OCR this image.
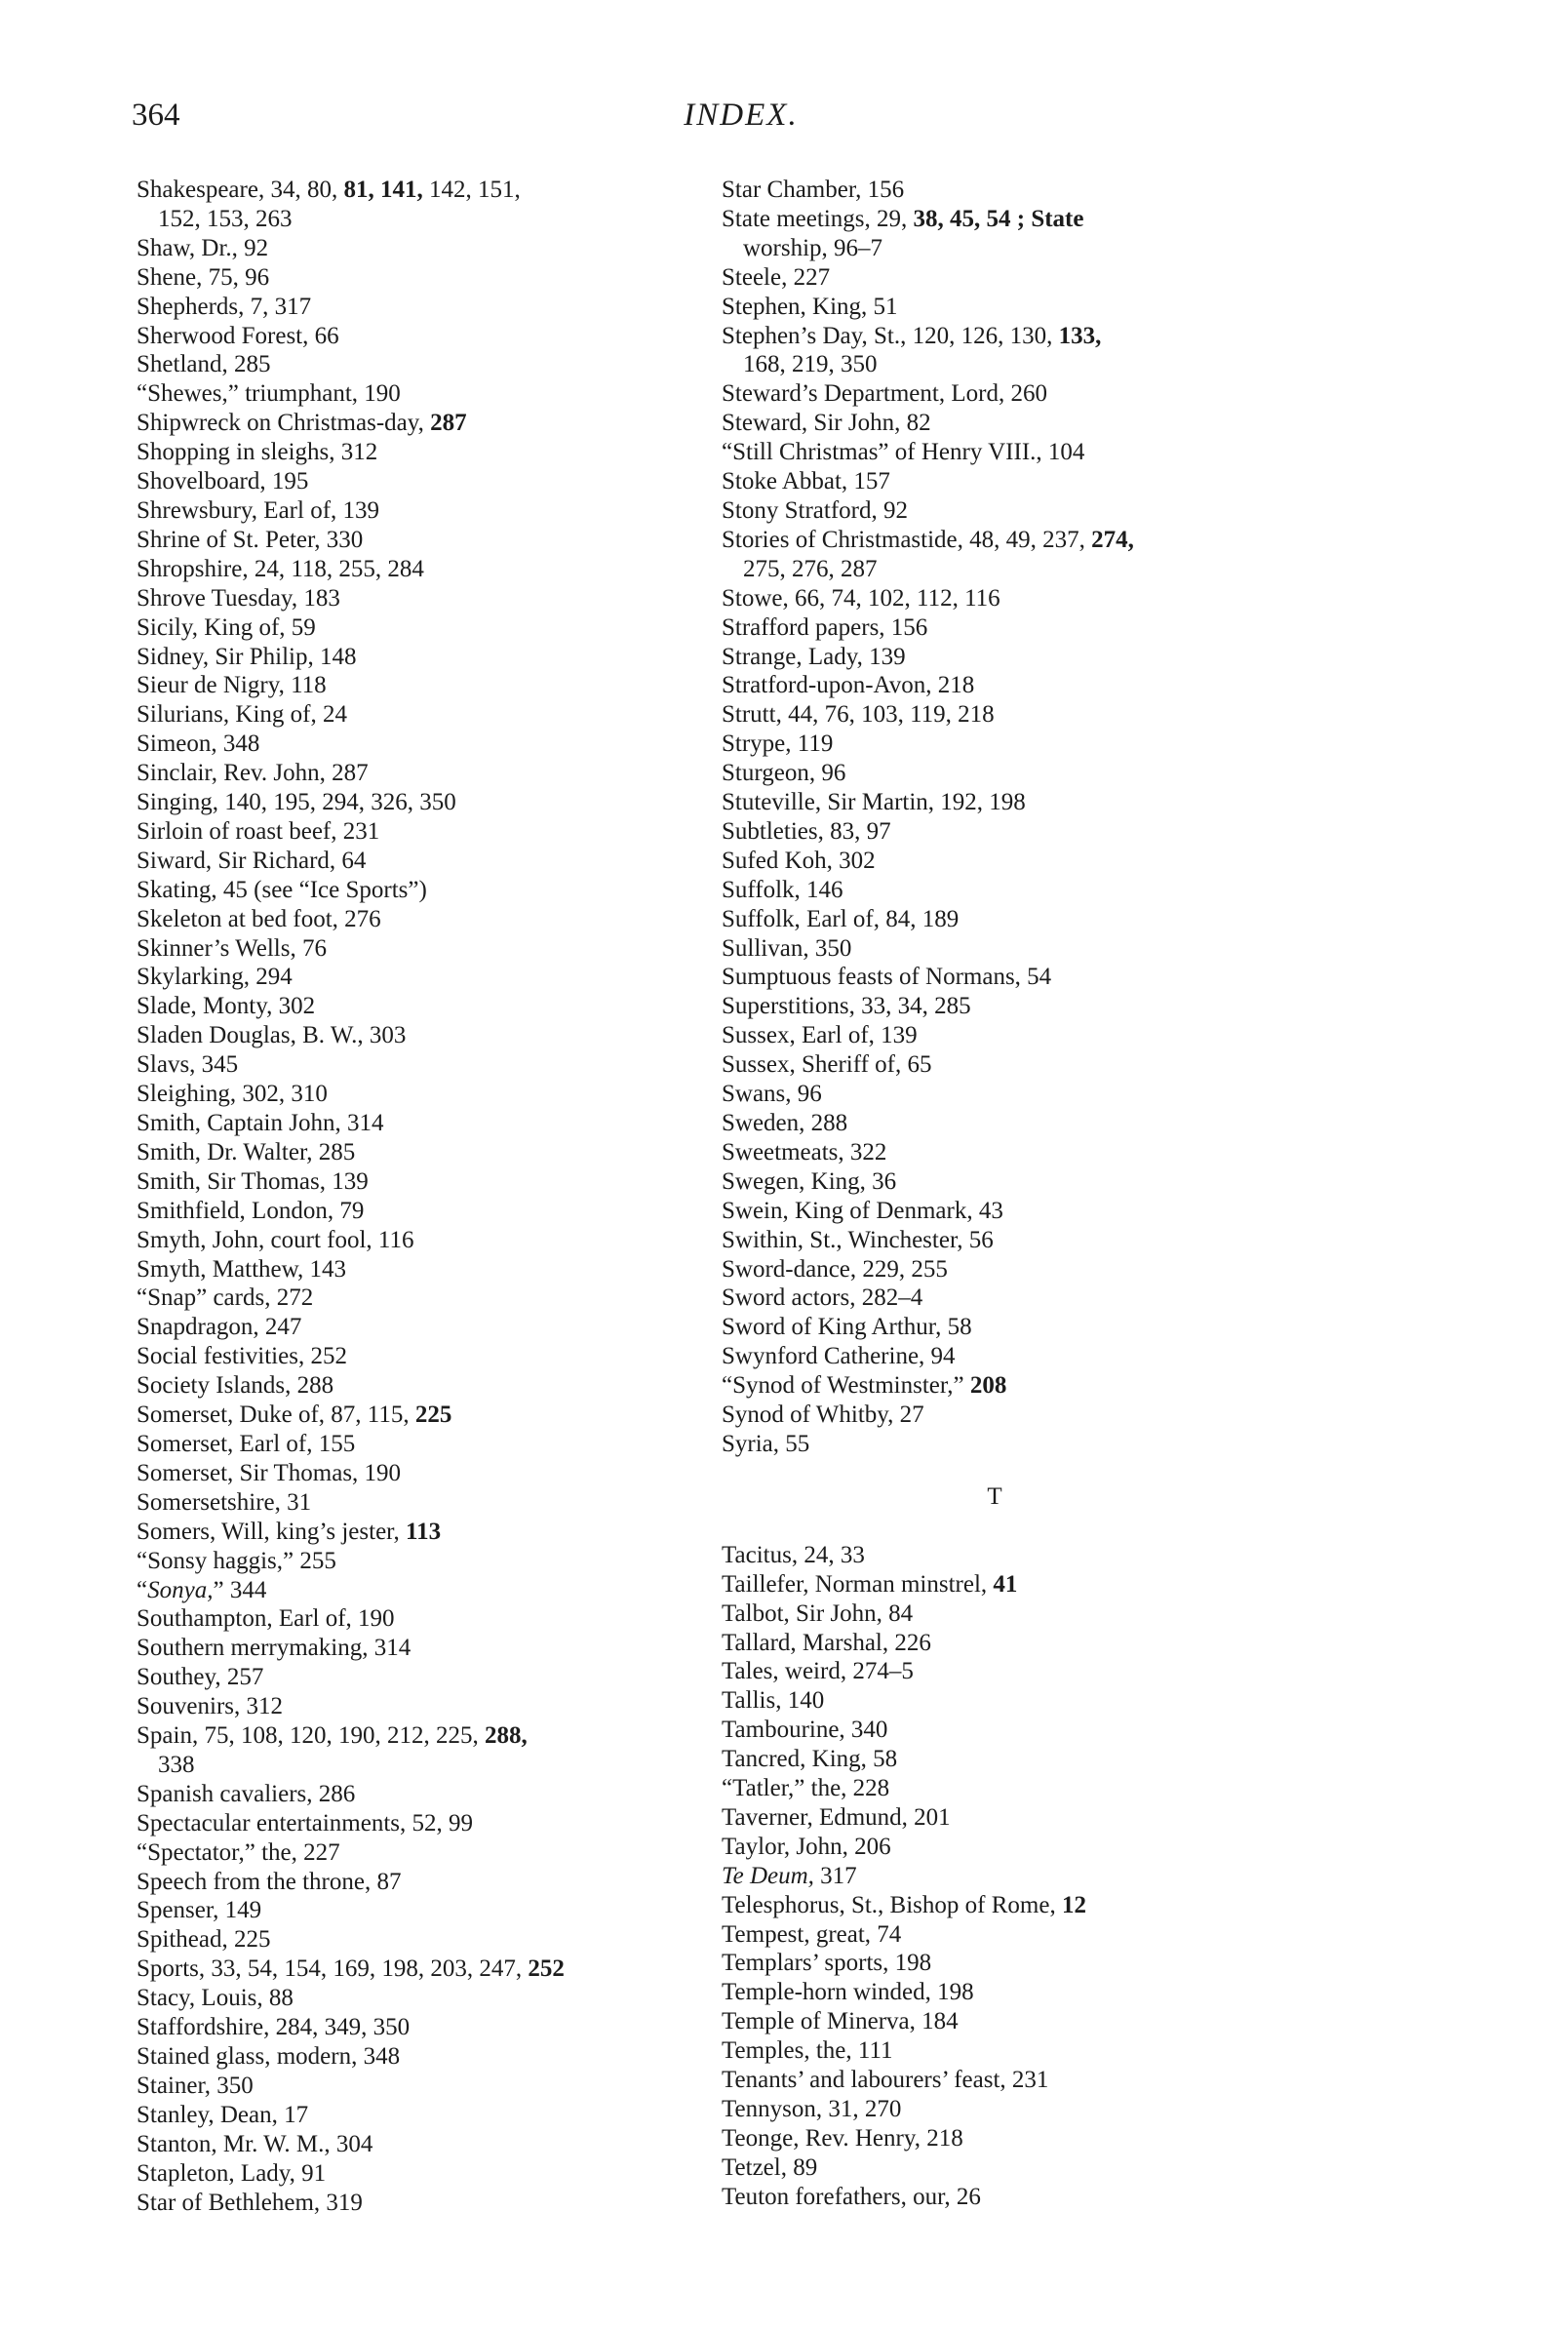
364	INDEX.
Shakespeare, 34, 80, 81, 141, 142, 151,
152, 153, 263
Shaw, Dr., 92
Shene, 75, 96
Shepherds, 7, 317
Sherwood Forest, 66
Shetland, 285
“Shewes,” triumphant, 190
Shipwreck on Christmas-day, 287
Shopping in sleighs, 312
Shovelboard, 195
Shrewsbury, Earl of, 139
Shrine of St. Peter, 330
Shropshire, 24, 118, 255, 284
Shrove Tuesday, 183
Sicily, King of, 59
Sidney, Sir Philip, 148
Sieur de Nigry, 118
Silurians, King of, 24
Simeon, 348
Sinclair, Rev. John, 287
Singing, 140, 195, 294, 326, 350
Sirloin of roast beef, 231
Siward, Sir Richard, 64
Skating, 45 (see “Ice Sports”)
Skeleton at bed foot, 276
Skinner’s Wells, 76
Skylarking, 294
Slade, Monty, 302
Sladen Douglas, B. W., 303
Slavs, 345
Sleighing, 302, 310
Smith, Captain John, 314
Smith, Dr. Walter, 285
Smith, Sir Thomas, 139
Smithfield, London, 79
Smyth, John, court fool, 116
Smyth, Matthew, 143
“Snap” cards, 272
Snapdragon, 247
Social festivities, 252
Society Islands, 288
Somerset, Duke of, 87, 115, 225
Somerset, Earl of, 155
Somerset, Sir Thomas, 190
Somersetshire, 31
Somers, Will, king’s jester, 113
“Sonsy haggis,” 255
“Sonya,” 344
Southampton, Earl of, 190
Southern merrymaking, 314
Southey, 257
Souvenirs, 312
Spain, 75, 108, 120, 190, 212, 225, 288,
338
Spanish cavaliers, 286
Spectacular entertainments, 52, 99
“Spectator,” the, 227
Speech from the throne, 87
Spenser, 149
Spithead, 225
Sports, 33, 54, 154, 169, 198, 203, 247, 252
Stacy, Louis, 88
Staffordshire, 284, 349, 350
Stained glass, modern, 348
Stainer, 350
Stanley, Dean, 17
Stanton, Mr. W. M., 304
Stapleton, Lady, 91
Star of Bethlehem, 319
Star Chamber, 156
State meetings, 29, 38, 45, 54 ; State
worship, 96–7
Steele, 227
Stephen, King, 51
Stephen’s Day, St., 120, 126, 130, 133,
168, 219, 350
Steward’s Department, Lord, 260
Steward, Sir John, 82
“Still Christmas” of Henry VIII., 104
Stoke Abbat, 157
Stony Stratford, 92
Stories of Christmastide, 48, 49, 237, 274,
275, 276, 287
Stowe, 66, 74, 102, 112, 116
Strafford papers, 156
Strange, Lady, 139
Stratford-upon-Avon, 218
Strutt, 44, 76, 103, 119, 218
Strype, 119
Sturgeon, 96
Stuteville, Sir Martin, 192, 198
Subtleties, 83, 97
Sufed Koh, 302
Suffolk, 146
Suffolk, Earl of, 84, 189
Sullivan, 350
Sumptuous feasts of Normans, 54
Superstitions, 33, 34, 285
Sussex, Earl of, 139
Sussex, Sheriff of, 65
Swans, 96
Sweden, 288
Sweetmeats, 322
Swegen, King, 36
Swein, King of Denmark, 43
Swithin, St., Winchester, 56
Sword-dance, 229, 255
Sword actors, 282–4
Sword of King Arthur, 58
Swynford Catherine, 94
“Synod of Westminster,” 208
Synod of Whitby, 27
Syria, 55
T
Tacitus, 24, 33
Taillefer, Norman minstrel, 41
Talbot, Sir John, 84
Tallard, Marshal, 226
Tales, weird, 274–5
Tallis, 140
Tambourine, 340
Tancred, King, 58
“Tatler,” the, 228
Taverner, Edmund, 201
Taylor, John, 206
Te Deum, 317
Telesphorus, St., Bishop of Rome, 12
Tempest, great, 74
Templars’ sports, 198
Temple-horn winded, 198
Temple of Minerva, 184
Temples, the, 111
Tenants’ and labourers’ feast, 231
Tennyson, 31, 270
Teonge, Rev. Henry, 218
Tetzel, 89
Teuton forefathers, our, 26
